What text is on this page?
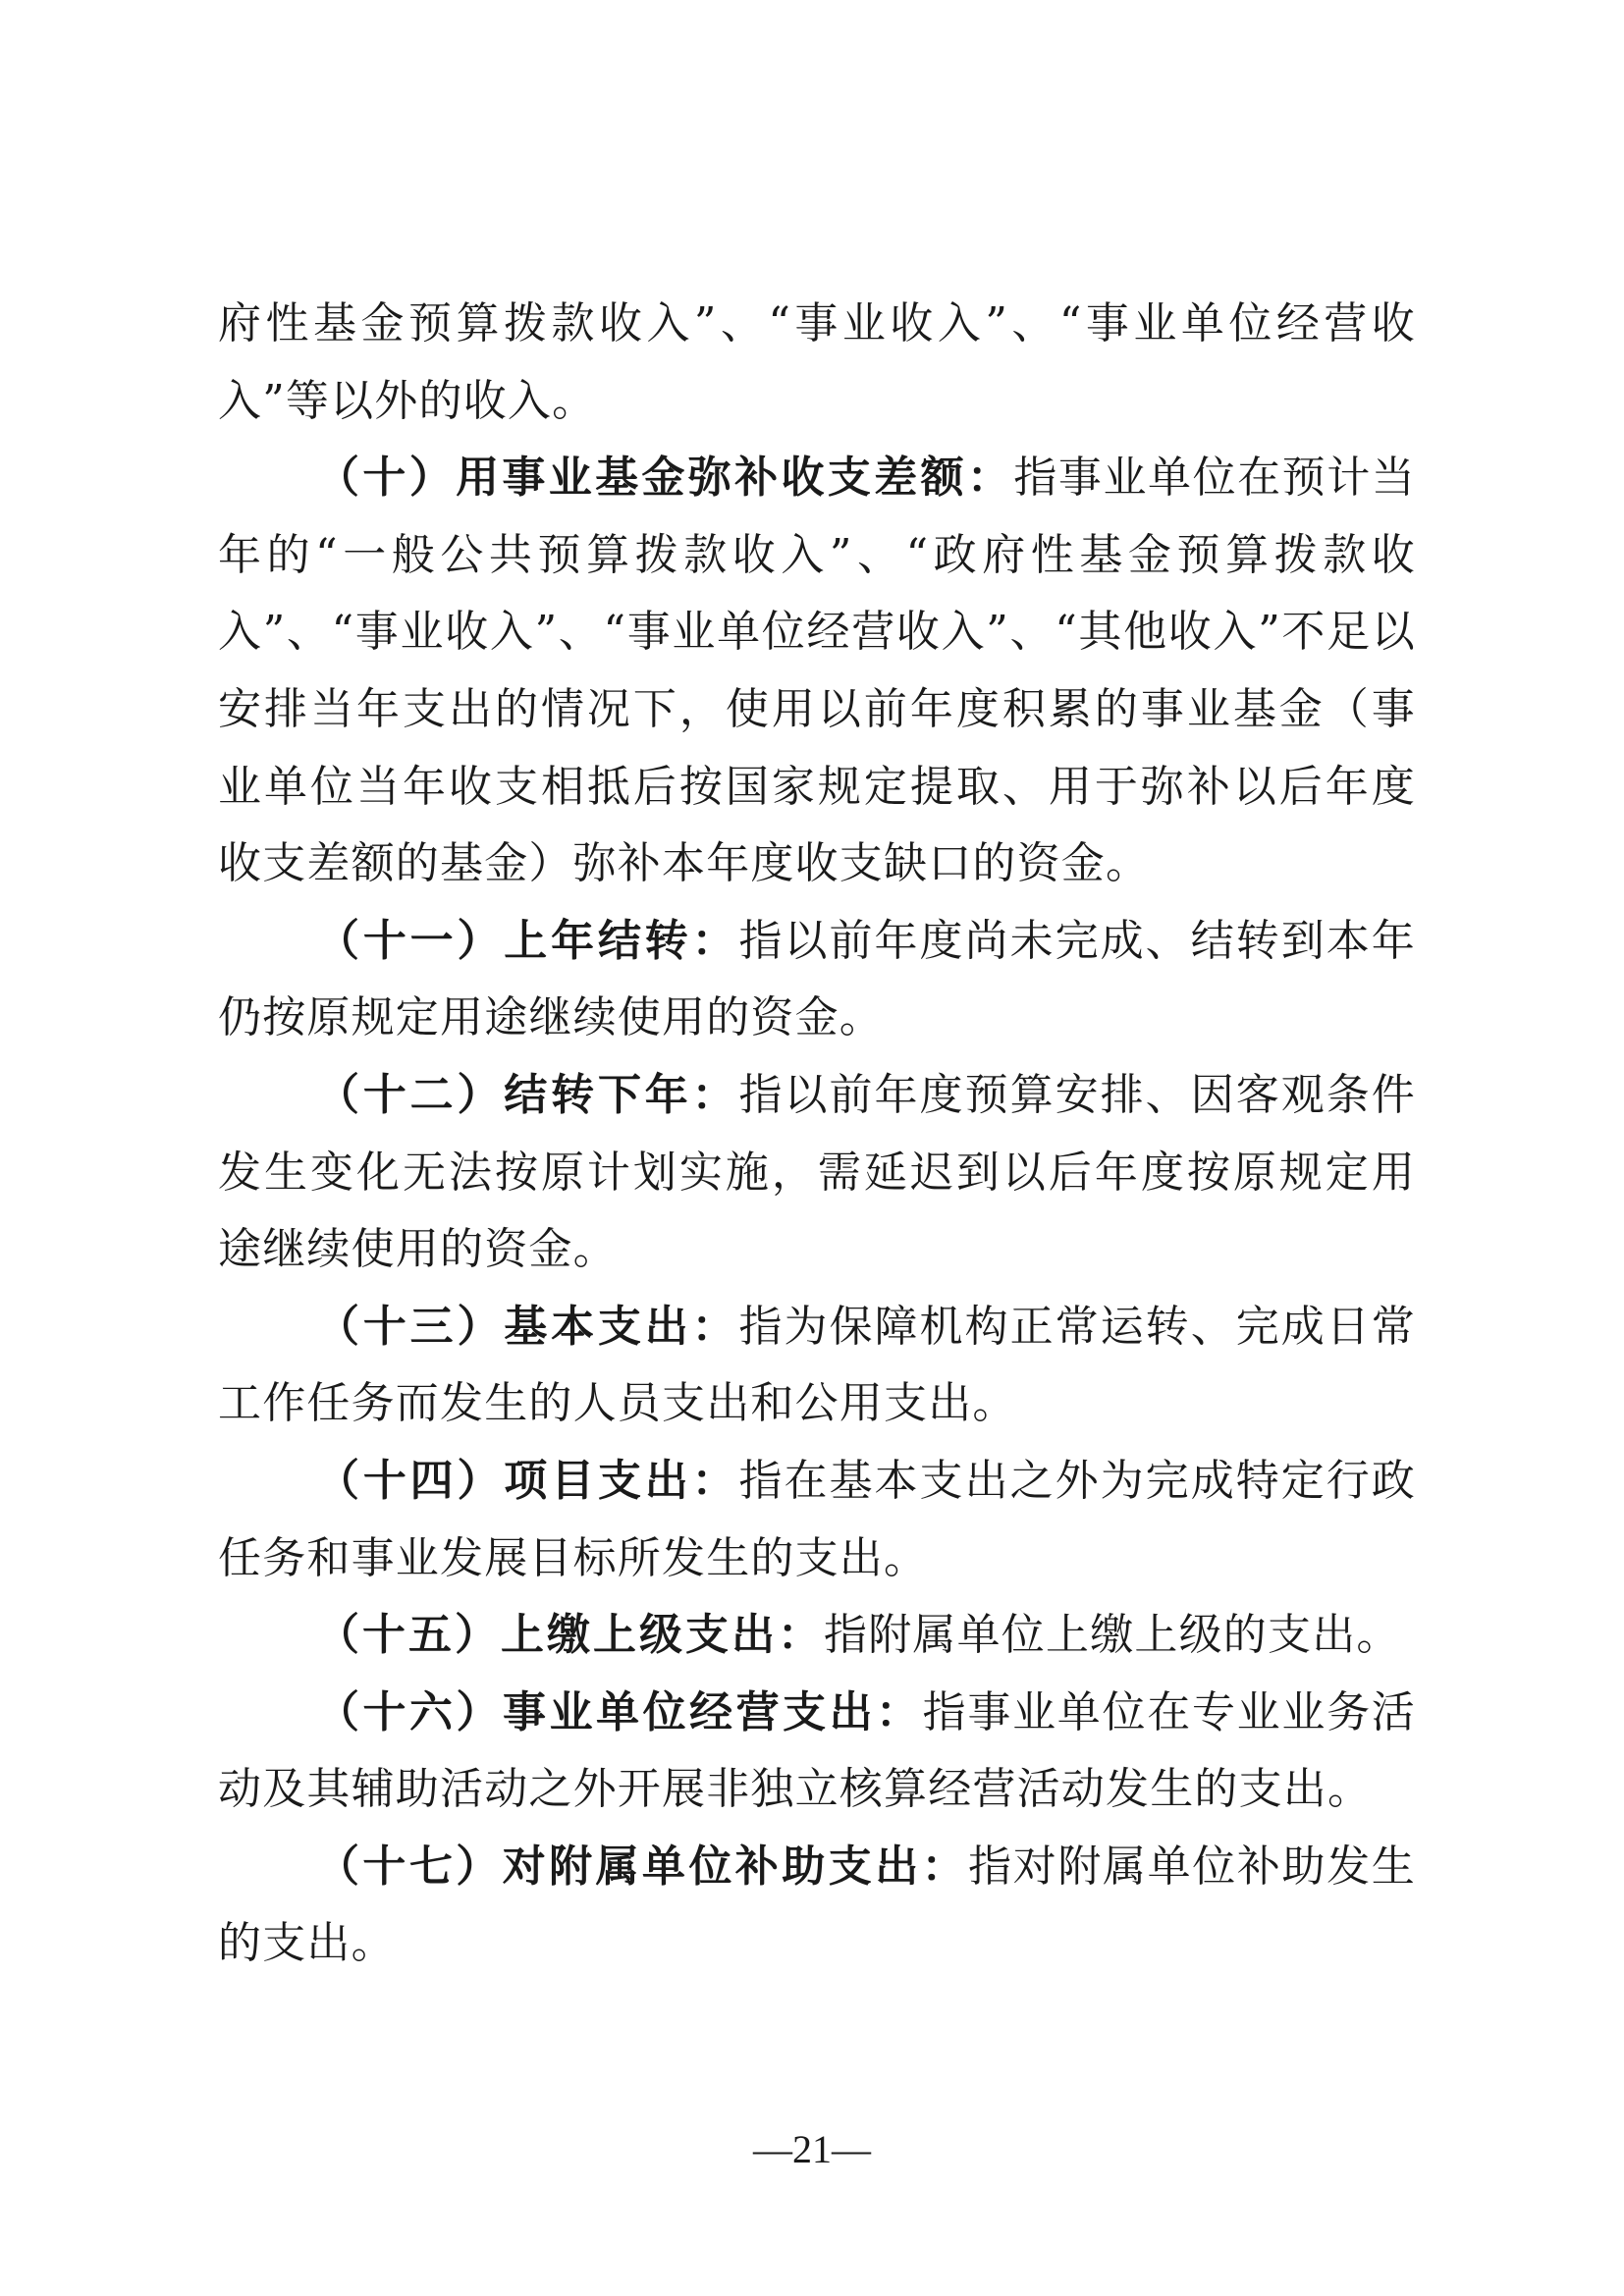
府性基金预算拨款收入”、“事业收入”、“事业单位经营收入”等以外的收入。

（十）用事业基金弥补收支差额：指事业单位在预计当年的“一般公共预算拨款收入”、“政府性基金预算拨款收入”、“事业收入”、“事业单位经营收入”、“其他收入”不足以安排当年支出的情况下，使用以前年度积累的事业基金（事业单位当年收支相抵后按国家规定提取、用于弥补以后年度收支差额的基金）弥补本年度收支缺口的资金。

（十一）上年结转：指以前年度尚未完成、结转到本年仍按原规定用途继续使用的资金。

（十二）结转下年：指以前年度预算安排、因客观条件发生变化无法按原计划实施，需延迟到以后年度按原规定用途继续使用的资金。

（十三）基本支出：指为保障机构正常运转、完成日常工作任务而发生的人员支出和公用支出。

（十四）项目支出：指在基本支出之外为完成特定行政任务和事业发展目标所发生的支出。

（十五）上缴上级支出：指附属单位上缴上级的支出。

（十六）事业单位经营支出：指事业单位在专业业务活动及其辅助活动之外开展非独立核算经营活动发生的支出。

（十七）对附属单位补助支出：指对附属单位补助发生的支出。

—21—
